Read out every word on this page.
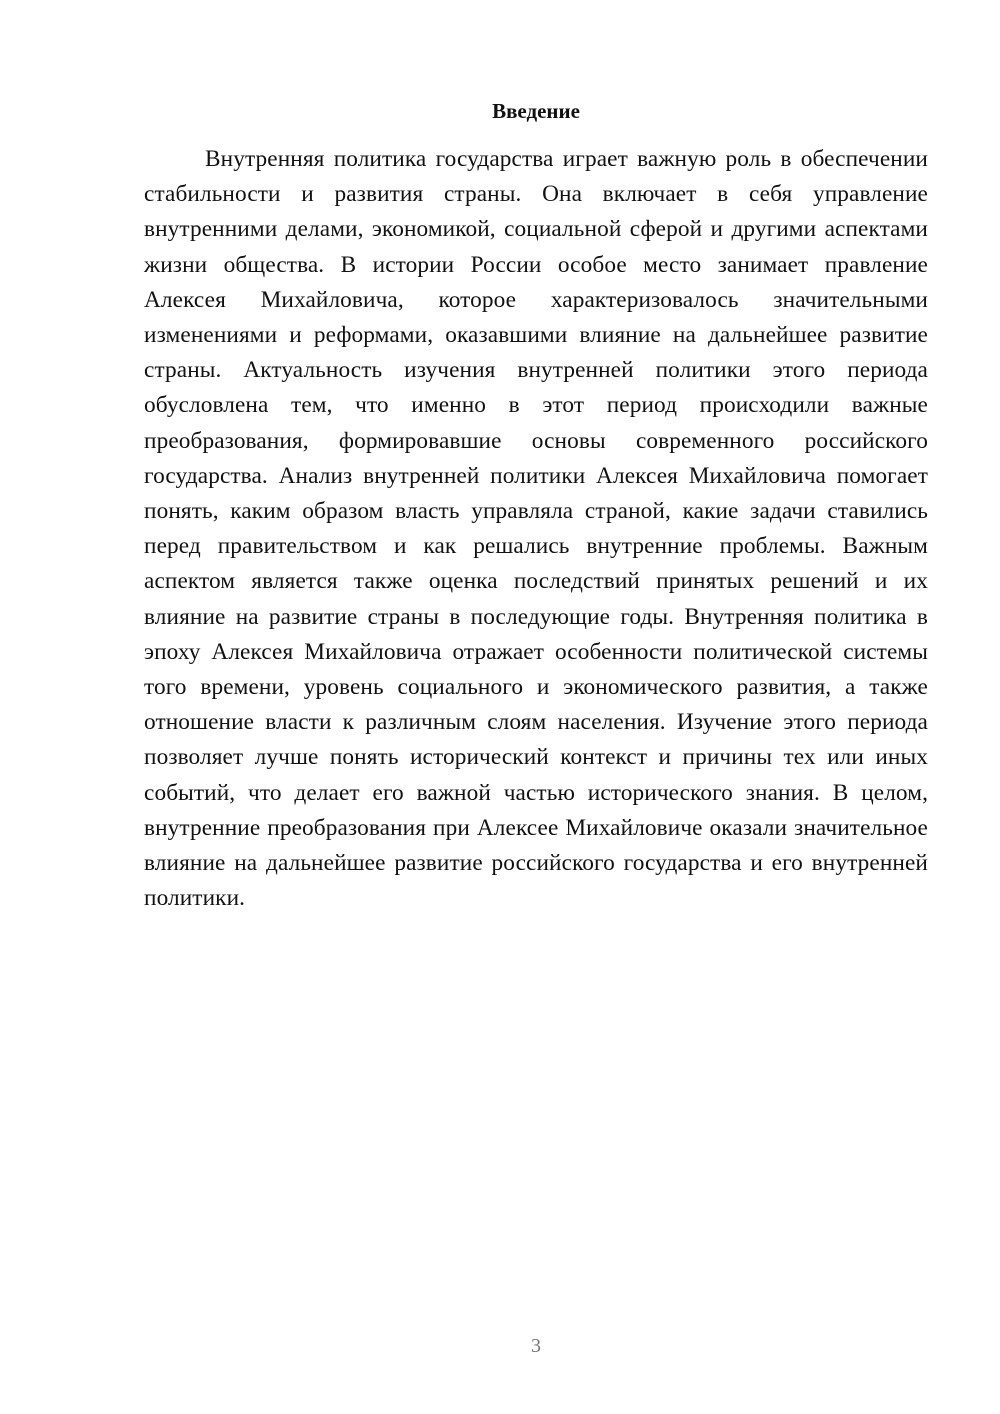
Введение

Внутренняя политика государства играет важную роль в обеспечении стабильности и развития страны. Она включает в себя управление внутренними делами, экономикой, социальной сферой и другими аспектами жизни общества. В истории России особое место занимает правление Алексея Михайловича, которое характеризовалось значительными изменениями и реформами, оказавшими влияние на дальнейшее развитие страны. Актуальность изучения внутренней политики этого периода обусловлена тем, что именно в этот период происходили важные преобразования, формировавшие основы современного российского государства. Анализ внутренней политики Алексея Михайловича помогает понять, каким образом власть управляла страной, какие задачи ставились перед правительством и как решались внутренние проблемы. Важным аспектом является также оценка последствий принятых решений и их влияние на развитие страны в последующие годы. Внутренняя политика в эпоху Алексея Михайловича отражает особенности политической системы того времени, уровень социального и экономического развития, а также отношение власти к различным слоям населения. Изучение этого периода позволяет лучше понять исторический контекст и причины тех или иных событий, что делает его важной частью исторического знания. В целом, внутренние преобразования при Алексее Михайловиче оказали значительное влияние на дальнейшее развитие российского государства и его внутренней политики.

3
